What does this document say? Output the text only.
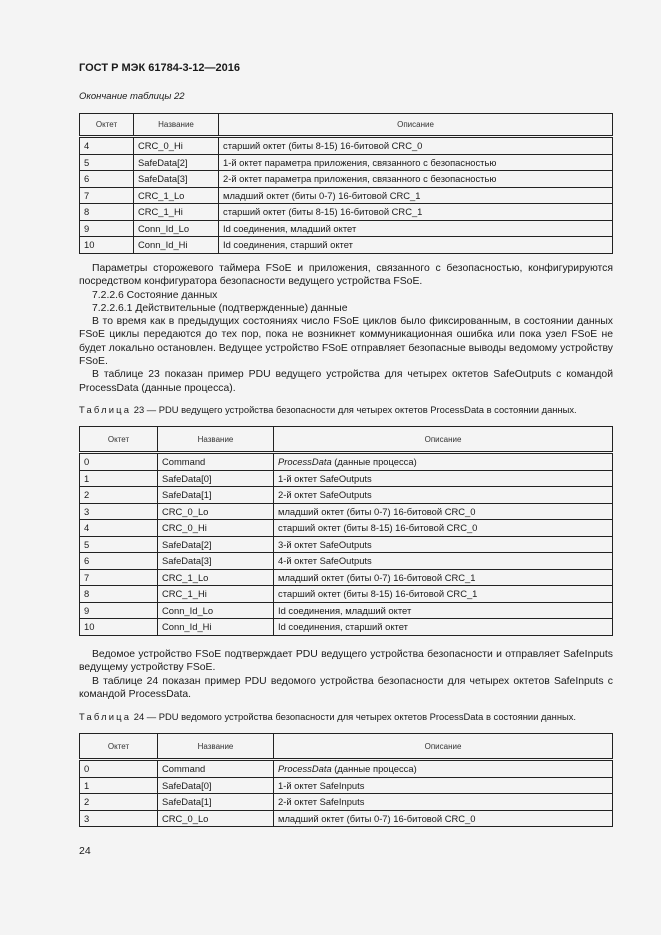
ГОСТ Р МЭК 61784-3-12—2016
Окончание таблицы 22
Октет	Название	Описание
4	CRC_0_Hi	старший октет (биты 8-15) 16-битовой CRC_0
5	SafeData[2]	1-й октет параметра приложения, связанного с безопасностью
6	SafeData[3]	2-й октет параметра приложения, связанного с безопасностью
7	CRC_1_Lo	младший октет (биты 0-7) 16-битовой CRC_1
8	CRC_1_Hi	старший октет (биты 8-15) 16-битовой CRC_1
9	Conn_Id_Lo	Id соединения, младший октет
10	Conn_Id_Hi	Id соединения, старший октет

Параметры сторожевого таймера FSoE и приложения, связанного с безопасностью, конфигурируются посредством конфигуратора безопасности ведущего устройства FSoE.

7.2.2.6 Состояние данных

7.2.2.6.1 Действительные (подтвержденные) данные

В то время как в предыдущих состояниях число FSoE циклов было фиксированным, в состоянии данных FSoE циклы передаются до тех пор, пока не возникнет коммуникационная ошибка или пока узел FSoE не будет локально остановлен. Ведущее устройство FSoE отправляет безопасные выводы ведомому устройству FSoE.

В таблице 23 показан пример PDU ведущего устройства для четырех октетов SafeOutputs с командой ProcessData (данные процесса).

Таблица 23 — PDU ведущего устройства безопасности для четырех октетов ProcessData в состоянии данных.
Октет	Название	Описание
0	Command	ProcessData (данные процесса)
1	SafeData[0]	1-й октет SafeOutputs
2	SafeData[1]	2-й октет SafeOutputs
3	CRC_0_Lo	младший октет (биты 0-7) 16-битовой CRC_0
4	CRC_0_Hi	старший октет (биты 8-15) 16-битовой CRC_0
5	SafeData[2]	3-й октет SafeOutputs
6	SafeData[3]	4-й октет SafeOutputs
7	CRC_1_Lo	младший октет (биты 0-7) 16-битовой CRC_1
8	CRC_1_Hi	старший октет (биты 8-15) 16-битовой CRC_1
9	Conn_Id_Lo	Id соединения, младший октет
10	Conn_Id_Hi	Id соединения, старший октет

Ведомое устройство FSoE подтверждает PDU ведущего устройства безопасности и отправляет SafeInputs ведущему устройству FSoE.

В таблице 24 показан пример PDU ведомого устройства безопасности для четырех октетов SafeInputs с командой ProcessData.

Таблица 24 — PDU ведомого устройства безопасности для четырех октетов ProcessData в состоянии данных.
Октет	Название	Описание
0	Command	ProcessData (данные процесса)
1	SafeData[0]	1-й октет SafeInputs
2	SafeData[1]	2-й октет SafeInputs
3	CRC_0_Lo	младший октет (биты 0-7) 16-битовой CRC_0
24
